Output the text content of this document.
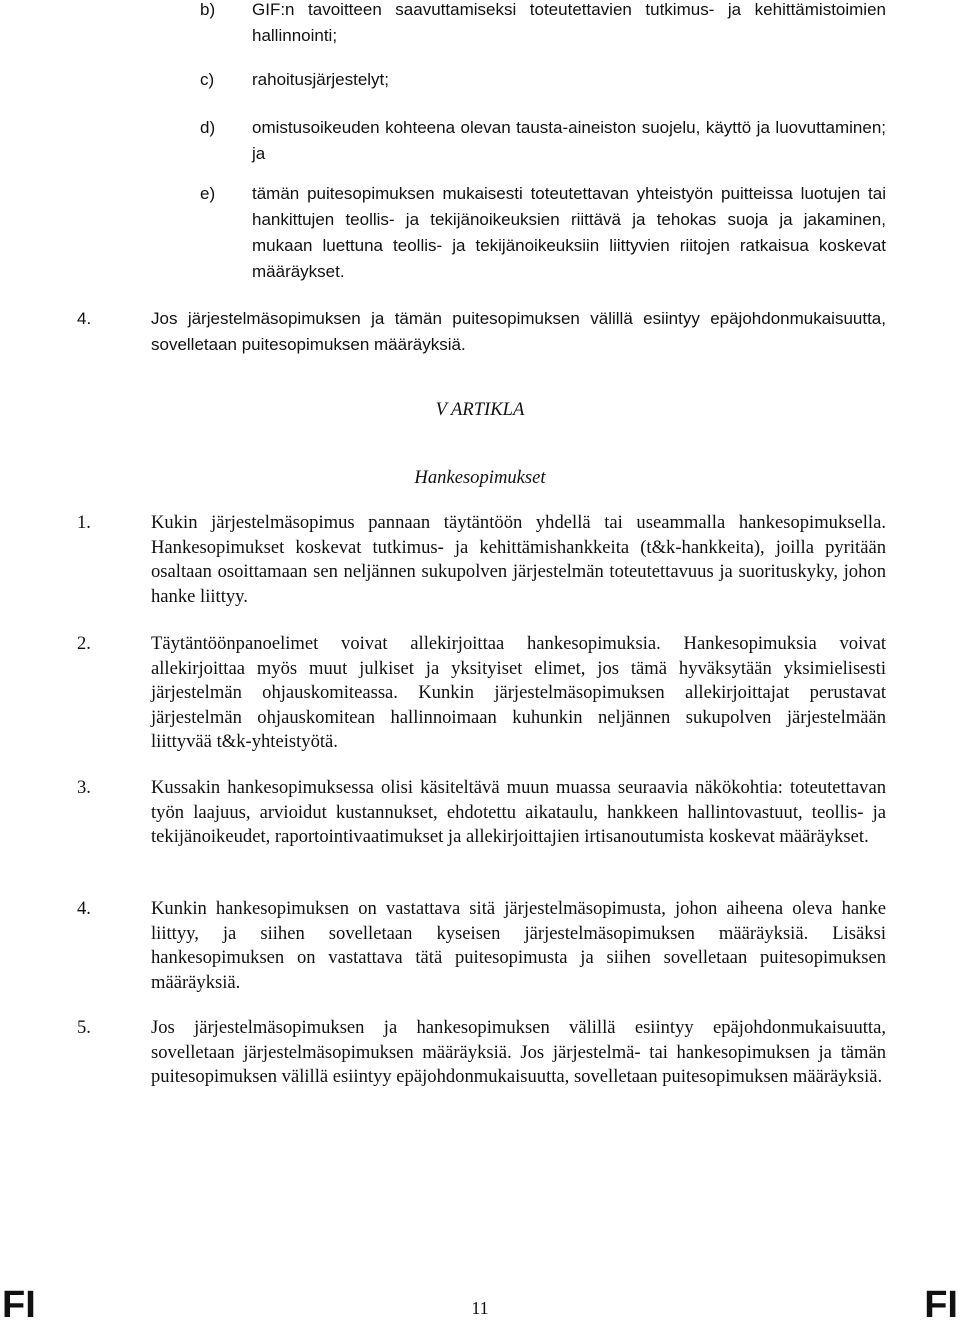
b) GIF:n tavoitteen saavuttamiseksi toteutettavien tutkimus- ja kehittämistoimien hallinnointi;
c) rahoitusjärjestelyt;
d) omistusoikeuden kohteena olevan tausta-aineiston suojelu, käyttö ja luovuttaminen; ja
e) tämän puitesopimuksen mukaisesti toteutettavan yhteistyön puitteissa luotujen tai hankittujen teollis- ja tekijänoikeuksien riittävä ja tehokas suoja ja jakaminen, mukaan luettuna teollis- ja tekijänoikeuksiin liittyvien riitojen ratkaisua koskevat määräykset.
4.	Jos järjestelmäsopimuksen ja tämän puitesopimuksen välillä esiintyy epäjohdonmukaisuutta, sovelletaan puitesopimuksen määräyksiä.
V ARTIKLA
Hankesopimukset
1.	Kukin järjestelmäsopimus pannaan täytäntöön yhdellä tai useammalla hankesopimuksella. Hankesopimukset koskevat tutkimus- ja kehittämishankkeita (t&k-hankkeita), joilla pyritään osaltaan osoittamaan sen neljännen sukupolven järjestelmän toteutettavuus ja suorituskyky, johon hanke liittyy.
2.	Täytäntöönpanoelimet voivat allekirjoittaa hankesopimuksia. Hankesopimuksia voivat allekirjoittaa myös muut julkiset ja yksityiset elimet, jos tämä hyväksytään yksimielisesti järjestelmän ohjauskomiteassa. Kunkin järjestelmäsopimuksen allekirjoittajat perustavat järjestelmän ohjauskomitean hallinnoimaan kuhunkin neljännen sukupolven järjestelmään liittyvää t&k-yhteistyötä.
3.	Kussakin hankesopimuksessa olisi käsiteltävä muun muassa seuraavia näkökohtia: toteutettavan työn laajuus, arvioidut kustannukset, ehdotettu aikataulu, hankkeen hallintovastuut, teollis- ja tekijänoikeudet, raportointivaatimukset ja allekirjoittajien irtisanoutumista koskevat määräykset.
4.	Kunkin hankesopimuksen on vastattava sitä järjestelmäsopimusta, johon aiheena oleva hanke liittyy, ja siihen sovelletaan kyseisen järjestelmäsopimuksen määräyksiä. Lisäksi hankesopimuksen on vastattava tätä puitesopimusta ja siihen sovelletaan puitesopimuksen määräyksiä.
5.	Jos järjestelmäsopimuksen ja hankesopimuksen välillä esiintyy epäjohdonmukaisuutta, sovelletaan järjestelmäsopimuksen määräyksiä. Jos järjestelmä- tai hankesopimuksen ja tämän puitesopimuksen välillä esiintyy epäjohdonmukaisuutta, sovelletaan puitesopimuksen määräyksiä.
FI	11	FI
